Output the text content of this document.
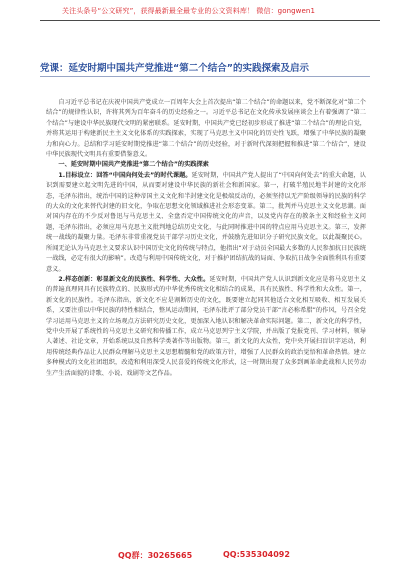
关注头条号“公文研究”，获得最新最全最专业的公文资料库！ 微信：gongwen1
党课：延安时期中国共产党推进“第二个结合”的实践探索及启示

自习近平总书记在庆祝中国共产党成立一百周年大会上首次提出“第二个结合”的命题以来，党不断深化对“第二个结合”的规律性认识，许将其列为百年奋斗的历史经验之一。习近平总书记在文化传承发展座谈会上有着强调了“第二个结合”与建设中华民族现代文明的紧密联系。延安时期，中国共产党已经初步形成了推进“第二个结合”的理论自觉，并将其运用于构建新民主主义文化体系的实践探索，实现了马克思主义中国化的历史性飞跃，增强了中华民族的凝聚力和向心力。总结和学习延安时期党推进“第二个结合”的历史经验，对于新时代深刻把握和推进“第二个结合”，建设中华民族现代文明具有重要借鉴意义。

一、延安时期中国共产党推进“第二个结合”的实践探索

1.目标设立：回答“中国向何处去”的时代课题。延安时期，中国共产党人提出了“中国向何处去”的重大命题，认识到需要建立起文明先进的中国，从而要对建设中华民族的新社会和新国家。第一，打破半殖民地半封建的文化形态，毛泽东指出，统治中国的这种帝国主义文化和半封建文化是极端反动的，必须坚持以无产阶级领导的民族的科学的大众的文化来替代封建的旧文化，争取在思想文化领域推进社会形态变革。第二，批判并马克思主义文化思潮。面对国内存在的不少反对鲁迅与马克思主义、全盘否定中国传统文化的声音，以及党内存在的教条主义和经验主义问题，毛泽东指出，必须应用马克思主义批判地总结历史文化，与此同时推进中国的特点应用马克思主义。第三，发挥统一战线的凝聚力量。毛泽东非常重视党员干部学习历史文化，并鼓励先进知识分子研究民族文化，以此凝聚民心。所闻无论认为马克思主义要求认识中国历史文化的传统与特点，他指出“对于动员全国最大多数的人民参加抗日民族统一战线，必定有很大的影响”。改造与利用中国传统文化，对于推护团结抗战的局面、争取抗日战争全面胜利具有重要意义。

2.样态创新：彰显新文化的民族性、科学性、大众性。延安时期，中国共产党人认识到新文化应是将马克思主义的普遍真理同具有民族特点的、民族形式的中华优秀传统文化相结合的成果，具有民族性、科学性和大众性。第一，新文化的民族性。毛泽东指出，新文化不应是割断历史的文化，既要建立起同其他适合文化相互吸收、相互发展关系，又要注重以中华民族的特性相结合，整风运动期间，毛泽东批评了部分党员干部“言必称希腊”的作风，号召全党学习运用马克思主义的立场观点方法研究历史文化，更加深入地认识和解决革命实际问题。第二，新文化的科学性，党中央开展了系统性的马克思主义研究和传播工作，成立马克思列宁主义学院，并出版了党报党刊、学习材料，领导人著述、社论文章，开始系统以及自然科学类著作等出版物。第三，新文化的大众性，党中央开展扫盲识字运动，利用传统经典作品让人民群众理解马克思主义思想精髓和党的政策方针，增强了人民群众的政治觉悟和革命热情。建立多种模式的文化社团组织，改造和利用深受人民喜爱的传统文化形式，这一时期出现了众多到画革命此战和人民劳动生产生活面貌的诗歌、小说、戏剧等文艺作品。

QQ群：30265665	QQ:535304092
